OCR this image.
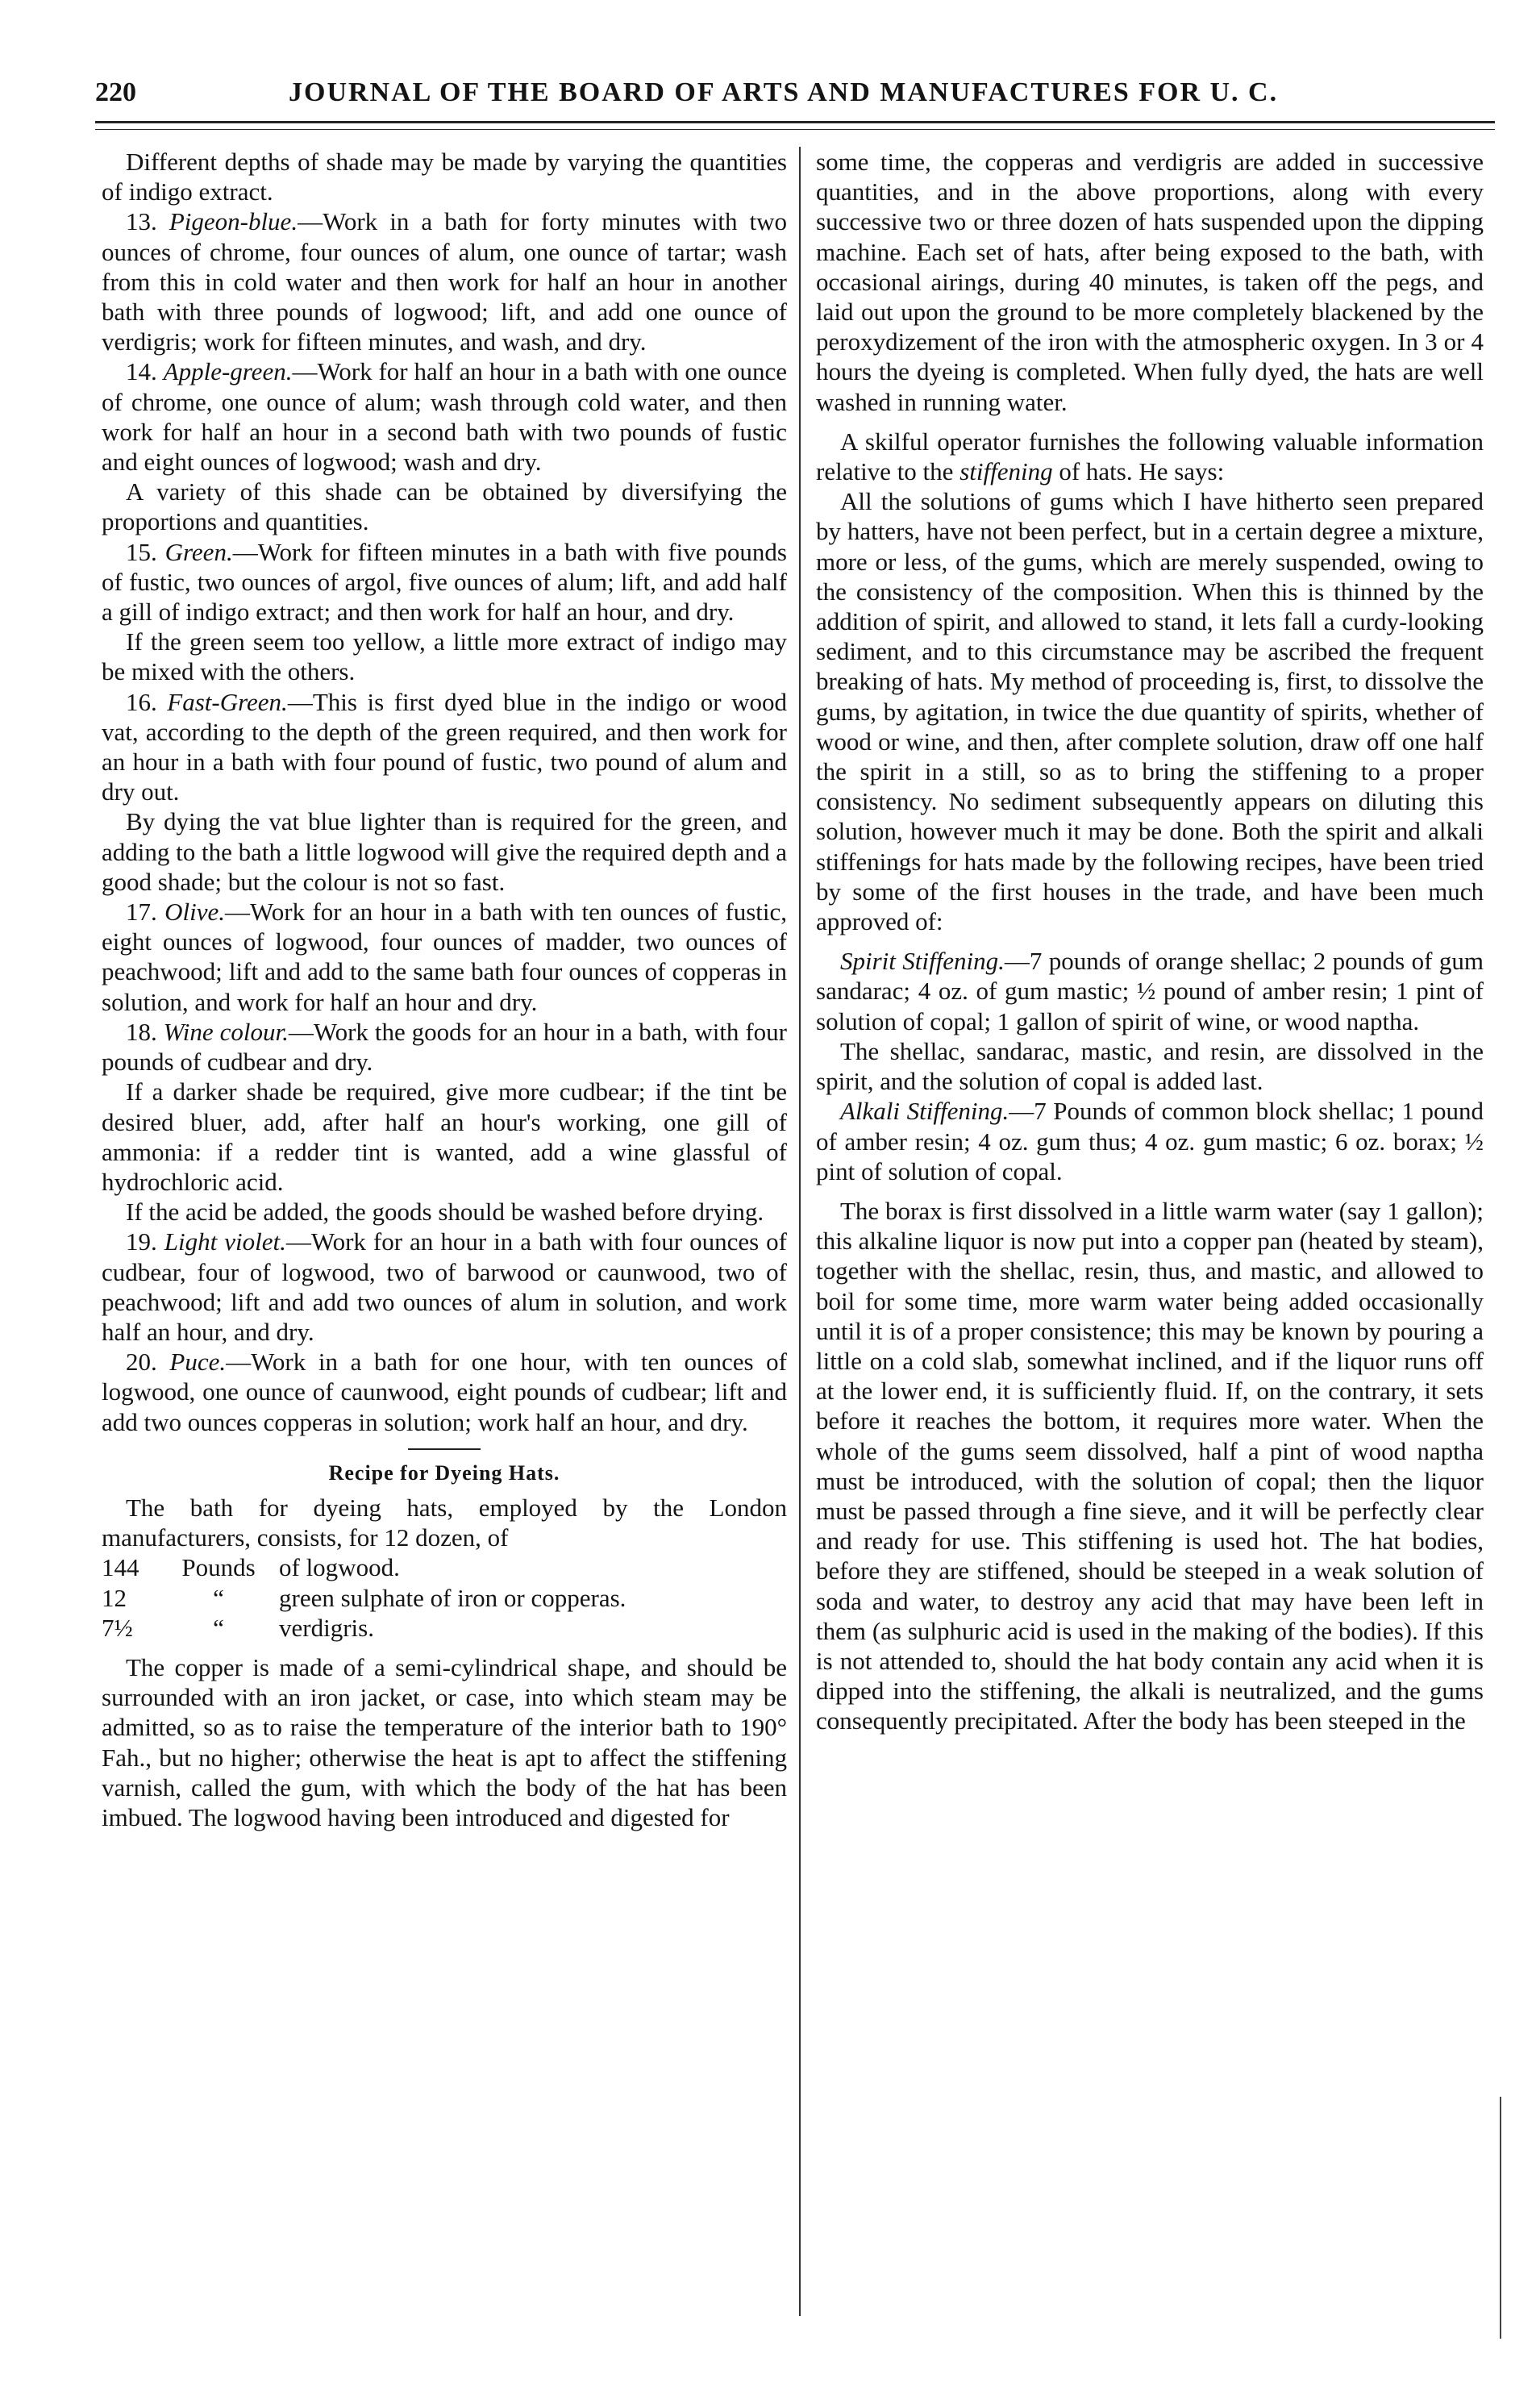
220	JOURNAL OF THE BOARD OF ARTS AND MANUFACTURES FOR U. C.

Different depths of shade may be made by varying the quantities of indigo extract.

13. Pigeon-blue.—Work in a bath for forty minutes with two ounces of chrome, four ounces of alum, one ounce of tartar; wash from this in cold water and then work for half an hour in another bath with three pounds of logwood; lift, and add one ounce of verdigris; work for fifteen minutes, and wash, and dry.

14. Apple-green.—Work for half an hour in a bath with one ounce of chrome, one ounce of alum; wash through cold water, and then work for half an hour in a second bath with two pounds of fustic and eight ounces of logwood; wash and dry.

A variety of this shade can be obtained by diversifying the proportions and quantities.

15. Green.—Work for fifteen minutes in a bath with five pounds of fustic, two ounces of argol, five ounces of alum; lift, and add half a gill of indigo extract; and then work for half an hour, and dry.

If the green seem too yellow, a little more extract of indigo may be mixed with the others.

16. Fast-Green.—This is first dyed blue in the indigo or wood vat, according to the depth of the green required, and then work for an hour in a bath with four pound of fustic, two pound of alum and dry out.

By dying the vat blue lighter than is required for the green, and adding to the bath a little logwood will give the required depth and a good shade; but the colour is not so fast.

17. Olive.—Work for an hour in a bath with ten ounces of fustic, eight ounces of logwood, four ounces of madder, two ounces of peachwood; lift and add to the same bath four ounces of copperas in solution, and work for half an hour and dry.

18. Wine colour.—Work the goods for an hour in a bath, with four pounds of cudbear and dry.

If a darker shade be required, give more cudbear; if the tint be desired bluer, add, after half an hour's working, one gill of ammonia: if a redder tint is wanted, add a wine glassful of hydrochloric acid.

If the acid be added, the goods should be washed before drying.

19. Light violet.—Work for an hour in a bath with four ounces of cudbear, four of logwood, two of barwood or caunwood, two of peachwood; lift and add two ounces of alum in solution, and work half an hour, and dry.

20. Puce.—Work in a bath for one hour, with ten ounces of logwood, one ounce of caunwood, eight pounds of cudbear; lift and add two ounces copperas in solution; work half an hour, and dry.

Recipe for Dyeing Hats.

The bath for dyeing hats, employed by the London manufacturers, consists, for 12 dozen, of

144	Pounds	of logwood.
12	“	green sulphate of iron or copperas.
7½	“	verdigris.

The copper is made of a semi-cylindrical shape, and should be surrounded with an iron jacket, or case, into which steam may be admitted, so as to raise the temperature of the interior bath to 190° Fah., but no higher; otherwise the heat is apt to affect the stiffening varnish, called the gum, with which the body of the hat has been imbued. The logwood having been introduced and digested for

some time, the copperas and verdigris are added in successive quantities, and in the above proportions, along with every successive two or three dozen of hats suspended upon the dipping machine. Each set of hats, after being exposed to the bath, with occasional airings, during 40 minutes, is taken off the pegs, and laid out upon the ground to be more completely blackened by the peroxydizement of the iron with the atmospheric oxygen. In 3 or 4 hours the dyeing is completed. When fully dyed, the hats are well washed in running water.

A skilful operator furnishes the following valuable information relative to the stiffening of hats. He says:

All the solutions of gums which I have hitherto seen prepared by hatters, have not been perfect, but in a certain degree a mixture, more or less, of the gums, which are merely suspended, owing to the consistency of the composition. When this is thinned by the addition of spirit, and allowed to stand, it lets fall a curdy-looking sediment, and to this circumstance may be ascribed the frequent breaking of hats. My method of proceeding is, first, to dissolve the gums, by agitation, in twice the due quantity of spirits, whether of wood or wine, and then, after complete solution, draw off one half the spirit in a still, so as to bring the stiffening to a proper consistency. No sediment subsequently appears on diluting this solution, however much it may be done. Both the spirit and alkali stiffenings for hats made by the following recipes, have been tried by some of the first houses in the trade, and have been much approved of:

Spirit Stiffening.—7 pounds of orange shellac; 2 pounds of gum sandarac; 4 oz. of gum mastic; ½ pound of amber resin; 1 pint of solution of copal; 1 gallon of spirit of wine, or wood naptha.

The shellac, sandarac, mastic, and resin, are dissolved in the spirit, and the solution of copal is added last.

Alkali Stiffening.—7 Pounds of common block shellac; 1 pound of amber resin; 4 oz. gum thus; 4 oz. gum mastic; 6 oz. borax; ½ pint of solution of copal.

The borax is first dissolved in a little warm water (say 1 gallon); this alkaline liquor is now put into a copper pan (heated by steam), together with the shellac, resin, thus, and mastic, and allowed to boil for some time, more warm water being added occasionally until it is of a proper consistence; this may be known by pouring a little on a cold slab, somewhat inclined, and if the liquor runs off at the lower end, it is sufficiently fluid. If, on the contrary, it sets before it reaches the bottom, it requires more water. When the whole of the gums seem dissolved, half a pint of wood naptha must be introduced, with the solution of copal; then the liquor must be passed through a fine sieve, and it will be perfectly clear and ready for use. This stiffening is used hot. The hat bodies, before they are stiffened, should be steeped in a weak solution of soda and water, to destroy any acid that may have been left in them (as sulphuric acid is used in the making of the bodies). If this is not attended to, should the hat body contain any acid when it is dipped into the stiffening, the alkali is neutralized, and the gums consequently precipitated. After the body has been steeped in the
